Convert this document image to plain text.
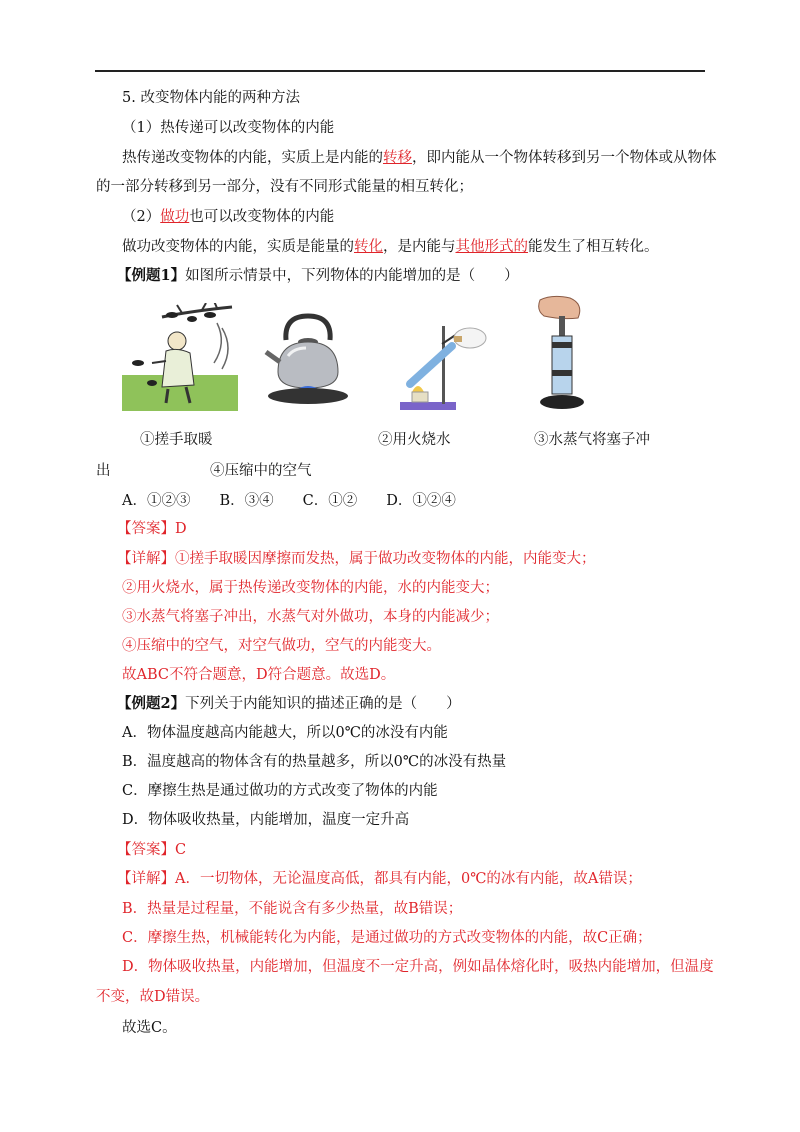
5. 改变物体内能的两种方法
（1）热传递可以改变物体的内能
热传递改变物体的内能，实质上是内能的转移，即内能从一个物体转移到另一个物体或从物体
的一部分转移到另一部分，没有不同形式能量的相互转化；
（2）做功也可以改变物体的内能
做功改变物体的内能，实质是能量的转化，是内能与其他形式的能发生了相互转化。
【例题1】如图所示情景中，下列物体的内能增加的是（　　）
①搓手取暖	②用火烧水	③水蒸气将塞子冲
出	④压缩中的空气
A．①②③　　B．③④　　C．①②　　D．①②④
【答案】D
【详解】①搓手取暖因摩擦而发热，属于做功改变物体的内能，内能变大；
②用火烧水，属于热传递改变物体的内能，水的内能变大；
③水蒸气将塞子冲出，水蒸气对外做功，本身的内能减少；
④压缩中的空气，对空气做功，空气的内能变大。
故ABC不符合题意，D符合题意。故选D。
【例题2】下列关于内能知识的描述正确的是（　　）
A．物体温度越高内能越大，所以0℃的冰没有内能
B．温度越高的物体含有的热量越多，所以0℃的冰没有热量
C．摩擦生热是通过做功的方式改变了物体的内能
D．物体吸收热量，内能增加，温度一定升高
【答案】C
【详解】A．一切物体，无论温度高低，都具有内能，0℃的冰有内能，故A错误；
B．热量是过程量，不能说含有多少热量，故B错误；
C．摩擦生热，机械能转化为内能，是通过做功的方式改变物体的内能，故C正确；
D．物体吸收热量，内能增加，但温度不一定升高，例如晶体熔化时，吸热内能增加，但温度
不变，故D错误。
故选C。
